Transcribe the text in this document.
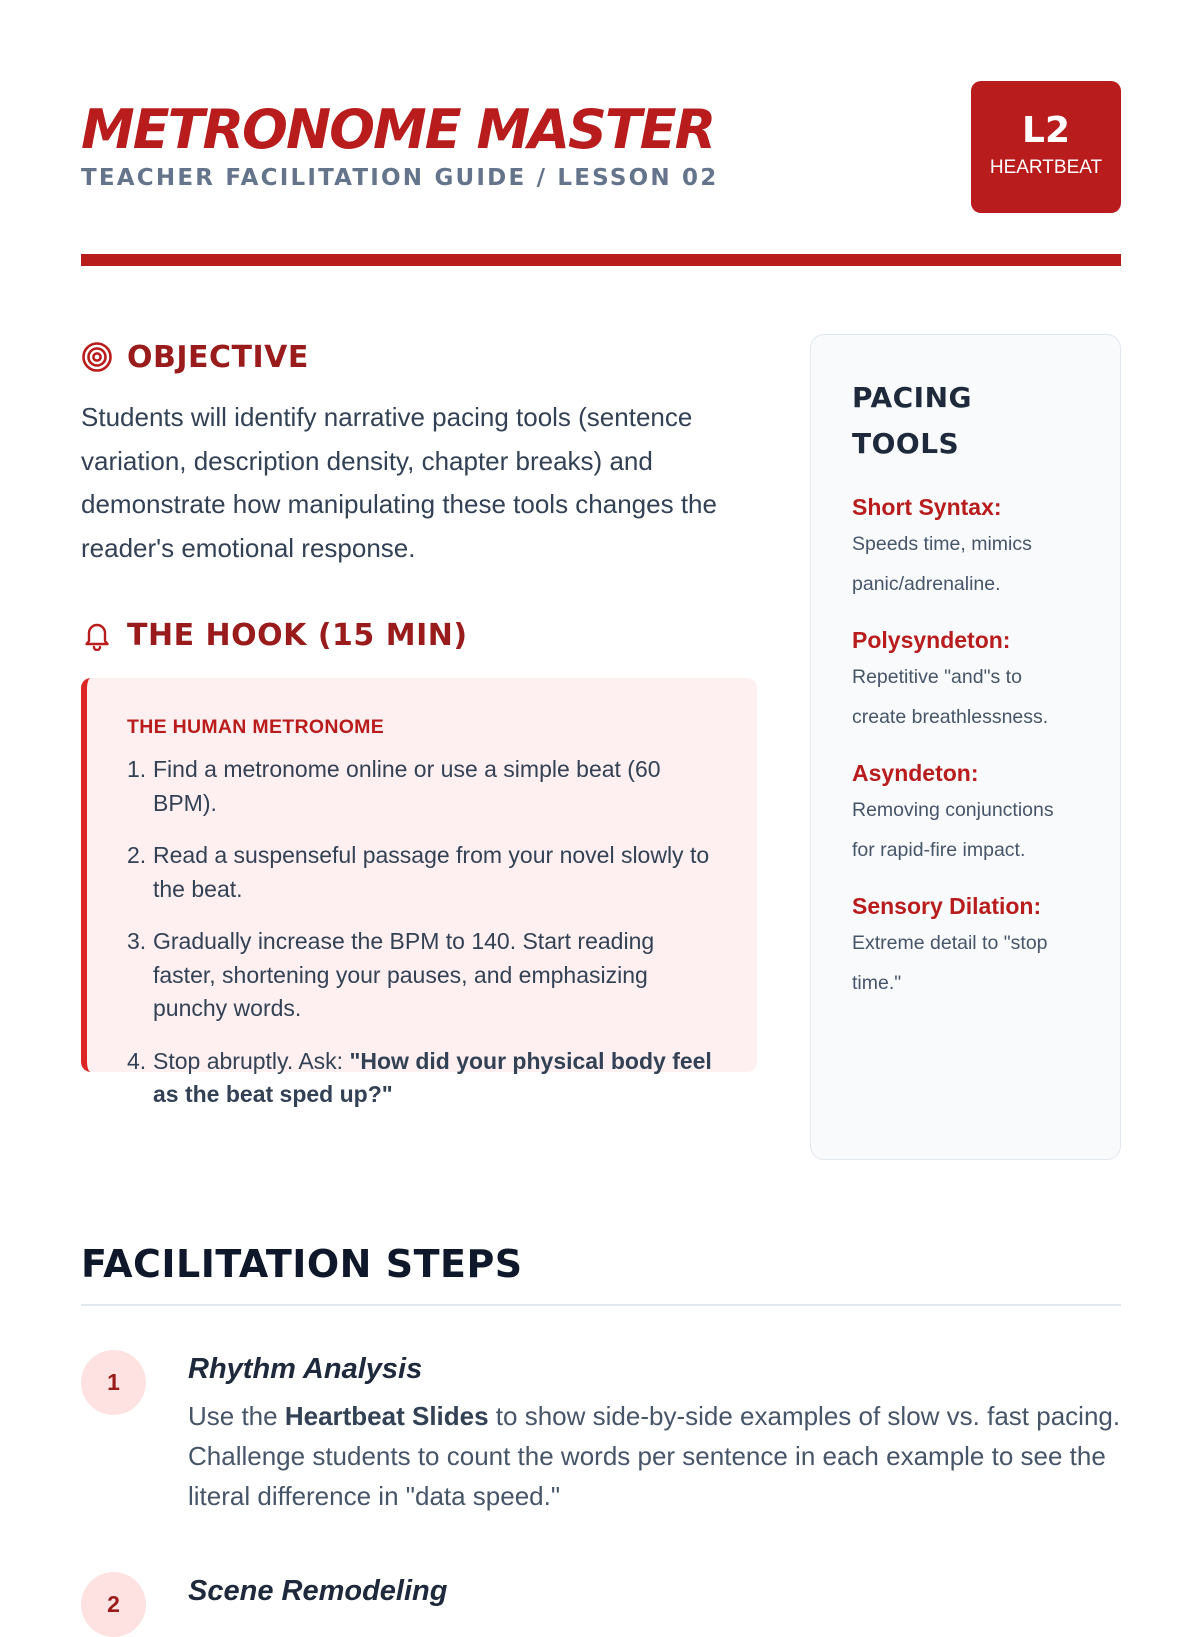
METRONOME MASTER
TEACHER FACILITATION GUIDE / LESSON 02
L2
HEARTBEAT
OBJECTIVE

Students will identify narrative pacing tools (sentence variation, description density, chapter breaks) and demonstrate how manipulating these tools changes the reader's emotional response.

THE HOOK (15 MIN)
THE HUMAN METRONOME
1. Find a metronome online or use a simple beat (60 BPM).
2. Read a suspenseful passage from your novel slowly to the beat.
3. Gradually increase the BPM to 140. Start reading faster, shortening your pauses, and emphasizing punchy words.
4. Stop abruptly. Ask: "How did your physical body feel as the beat sped up?"
PACING TOOLS
Short Syntax:
Speeds time, mimics panic/adrenaline.
Polysyndeton:
Repetitive "and"s to create breathlessness.
Asyndeton:
Removing conjunctions for rapid-fire impact.
Sensory Dilation:
Extreme detail to "stop time."
FACILITATION STEPS
1	Rhythm Analysis

Use the Heartbeat Slides to show side-by-side examples of slow vs. fast pacing. Challenge students to count the words per sentence in each example to see the literal difference in "data speed."

2	Scene Remodeling
